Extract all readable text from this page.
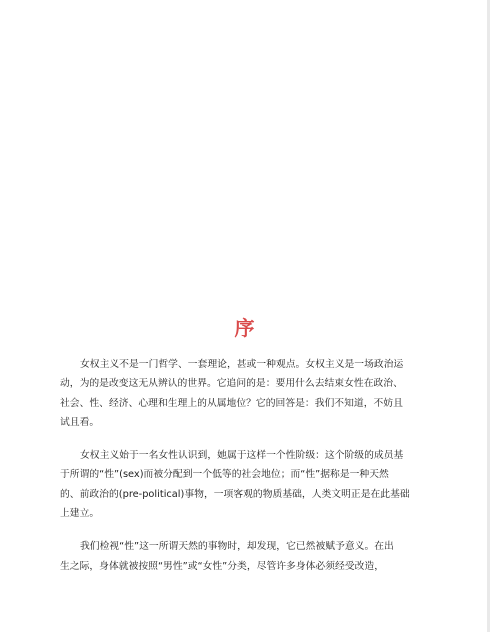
序

女权主义不是一门哲学、一套理论，甚或一种观点。女权主义是一场政治运
动，为的是改变这无从辨认的世界。它追问的是：要用什么去结束女性在政治、
社会、性、经济、心理和生理上的从属地位？它的回答是：我们不知道，不妨且
试且看。

女权主义始于一名女性认识到，她属于这样一个性阶级：这个阶级的成员基
于所谓的“性”(sex)而被分配到一个低等的社会地位；而“性”据称是一种天然
的、前政治的(pre-political)事物，一项客观的物质基础，人类文明正是在此基础
上建立。

我们检视“性”这一所谓天然的事物时，却发现，它已然被赋予意义。在出
生之际，身体就被按照“男性”或“女性”分类，尽管许多身体必须经受改造，
